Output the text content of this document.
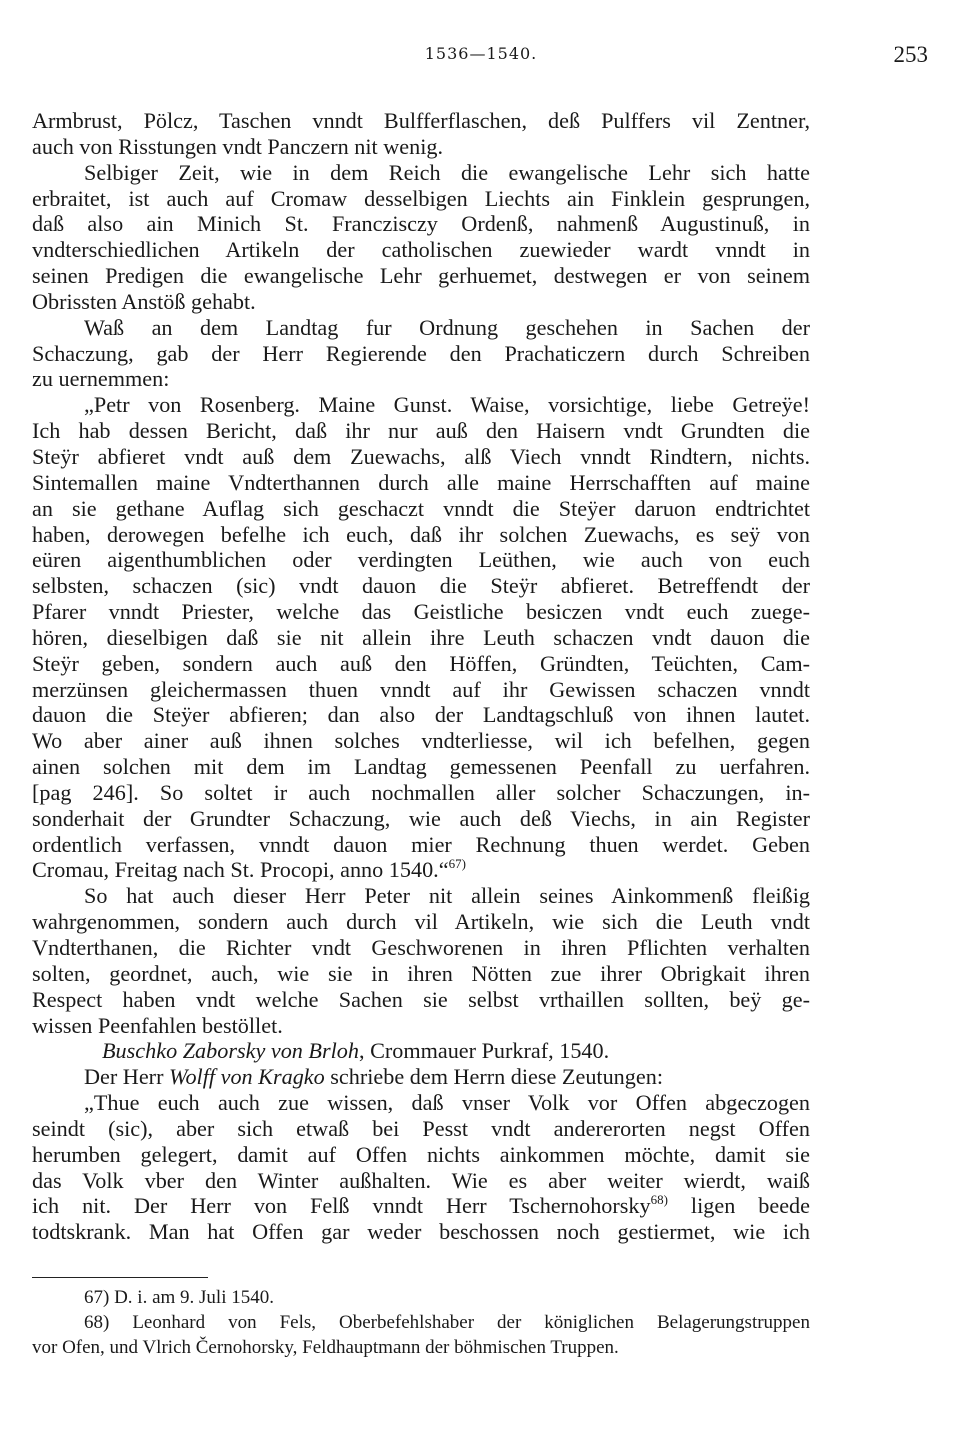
1536—1540.	253
Armbrust, Pölcz, Taschen vnndt Bulfferflaschen, deß Pulffers vil Zentner,
auch von Risstungen vndt Panczern nit wenig.
Selbiger Zeit, wie in dem Reich die ewangelische Lehr sich hatte
erbraitet, ist auch auf Cromaw desselbigen Liechts ain Finklein gesprungen,
daß also ain Minich St. Franczisczy Ordenß, nahmenß Augustinuß, in
vndterschiedlichen Artikeln der catholischen zuewieder wardt vnndt in
seinen Predigen die ewangelische Lehr gerhuemet, destwegen er von seinem
Obrissten Anstöß gehabt.
Waß an dem Landtag fur Ordnung geschehen in Sachen der
Schaczung, gab der Herr Regierende den Prachaticzern durch Schreiben
zu uernemmen:
„Petr von Rosenberg. Maine Gunst. Waise, vorsichtige, liebe Getreÿe!
Ich hab dessen Bericht, daß ihr nur auß den Haisern vndt Grundten die
Steÿr abfieret vndt auß dem Zuewachs, alß Viech vnndt Rindtern, nichts.
Sintemallen maine Vndterthannen durch alle maine Herrschafften auf maine
an sie gethane Auflag sich geschaczt vnndt die Steÿer daruon endtrichtet
haben, derowegen befelhe ich euch, daß ihr solchen Zuewachs, es seÿ von
eüren aigenthumblichen oder verdingten Leüthen, wie auch von euch
selbsten, schaczen (sic) vndt dauon die Steÿr abfieret. Betreffendt der
Pfarer vnndt Priester, welche das Geistliche besiczen vndt euch zuege-
hören, dieselbigen daß sie nit allein ihre Leuth schaczen vndt dauon die
Steÿr geben, sondern auch auß den Höffen, Gründten, Teüchten, Cam-
merzünsen gleichermassen thuen vnndt auf ihr Gewissen schaczen vnndt
dauon die Steÿer abfieren; dan also der Landtagschluß von ihnen lautet.
Wo aber ainer auß ihnen solches vndterliesse, wil ich befelhen, gegen
ainen solchen mit dem im Landtag gemessenen Peenfall zu uerfahren.
[pag 246]. So soltet ir auch nochmallen aller solcher Schaczungen, in-
sonderhait der Grundter Schaczung, wie auch deß Viechs, in ain Register
ordentlich verfassen, vnndt dauon mier Rechnung thuen werdet. Geben
Cromau, Freitag nach St. Procopi, anno 1540.“$^{67)}$
So hat auch dieser Herr Peter nit allein seines Ainkommenß fleißig
wahrgenommen, sondern auch durch vil Artikeln, wie sich die Leuth vndt
Vndterthanen, die Richter vndt Geschworenen in ihren Pflichten verhalten
solten, geordnet, auch, wie sie in ihren Nötten zue ihrer Obrigkait ihren
Respect haben vndt welche Sachen sie selbst vrthaillen sollten, beÿ ge-
wissen Peenfahlen bestöllet.
Buschko Zaborsky von Brloh, Crommauer Purkraf, 1540.
Der Herr Wolff von Kragko schriebe dem Herrn diese Zeutungen:
„Thue euch auch zue wissen, daß vnser Volk vor Offen abgeczogen
seindt (sic), aber sich etwaß bei Pesst vndt andererorten negst Offen
herumben gelegert, damit auf Offen nichts ainkommen möchte, damit sie
das Volk vber den Winter außhalten. Wie es aber weiter wierdt, waiß
ich nit. Der Herr von Felß vnndt Herr Tschernohorsky$^{68)}$ ligen beede
todtskrank. Man hat Offen gar weder beschossen noch gestiermet, wie ich
67) D. i. am 9. Juli 1540.
68) Leonhard von Fels, Oberbefehlshaber der königlichen Belagerungstruppen
vor Ofen, und Vlrich Černohorsky, Feldhauptmann der böhmischen Truppen.
